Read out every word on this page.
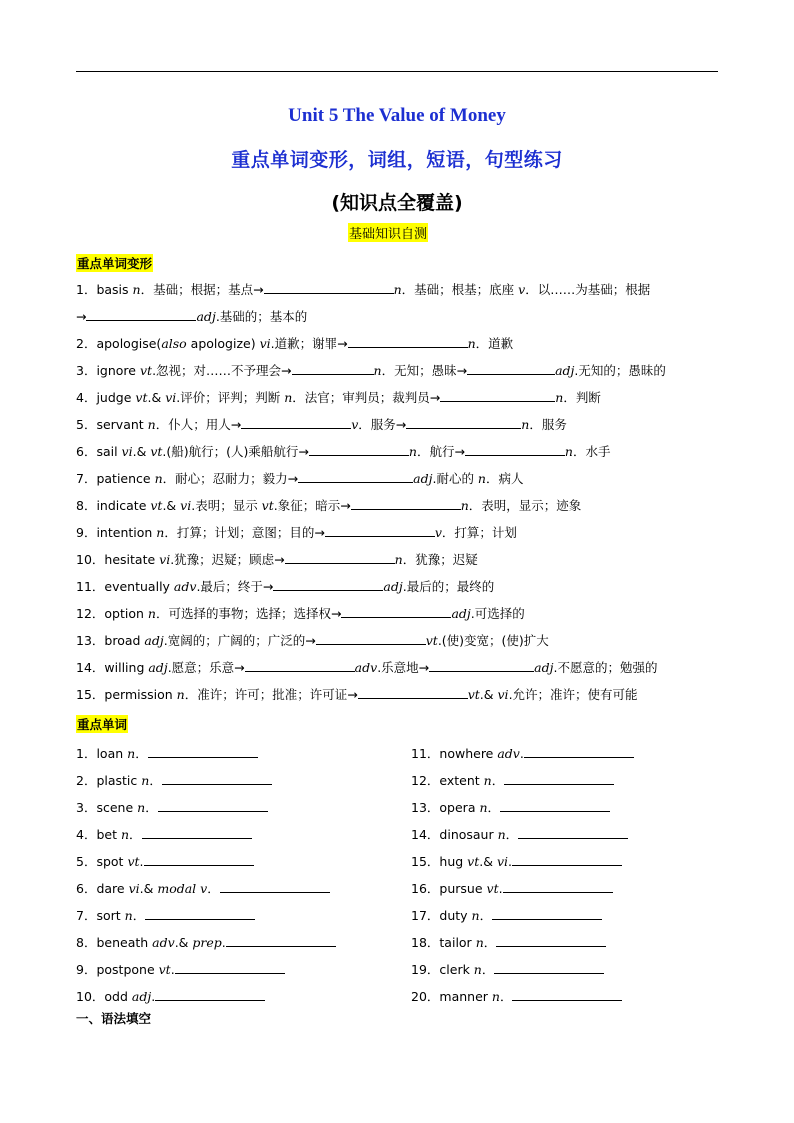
Unit 5 The Value of Money
重点单词变形，词组，短语，句型练习
(知识点全覆盖)
基础知识自测
重点单词变形
1．basis n．基础；根据；基点→	n．基础；根基；底座 v．以……为基础；根据
→	adj.基础的；基本的
2．apologise(also apologize) vi.道歉；谢罪→	n．道歉
3．ignore vt.忽视；对……不予理会→	n．无知；愚昧→	adj.无知的；愚昧的
4．judge vt.& vi.评价；评判；判断 n．法官；审判员；裁判员→	n．判断
5．servant n．仆人；用人→	v．服务→	n．服务
6．sail vi.& vt.(船)航行；(人)乘船航行→	n．航行→	n．水手
7．patience n．耐心；忍耐力；毅力→	adj.耐心的 n．病人
8．indicate vt.& vi.表明；显示 vt.象征；暗示→	n．表明，显示；迹象
9．intention n．打算；计划；意图；目的→	v．打算；计划
10．hesitate vi.犹豫；迟疑；顾虑→	n．犹豫；迟疑
11．eventually adv.最后；终于→	adj.最后的；最终的
12．option n．可选择的事物；选择；选择权→	adj.可选择的
13．broad adj.宽阔的；广阔的；广泛的→	vt.(使)变宽；(使)扩大
14．willing adj.愿意；乐意→	adv.乐意地→	adj.不愿意的；勉强的
15．permission n．准许；许可；批准；许可证→	vt.& vi.允许；准许；使有可能
重点单词
1．loan n．
2．plastic n．
3．scene n．
4．bet n．
5．spot vt.
6．dare vi.& modal v．
7．sort n．
8．beneath adv.& prep.
9．postpone vt.
10．odd adj.
11．nowhere adv.
12．extent n．
13．opera n．
14．dinosaur n．
15．hug vt.& vi.
16．pursue vt.
17．duty n．
18．tailor n．
19．clerk n．
20．manner n．
一、语法填空
